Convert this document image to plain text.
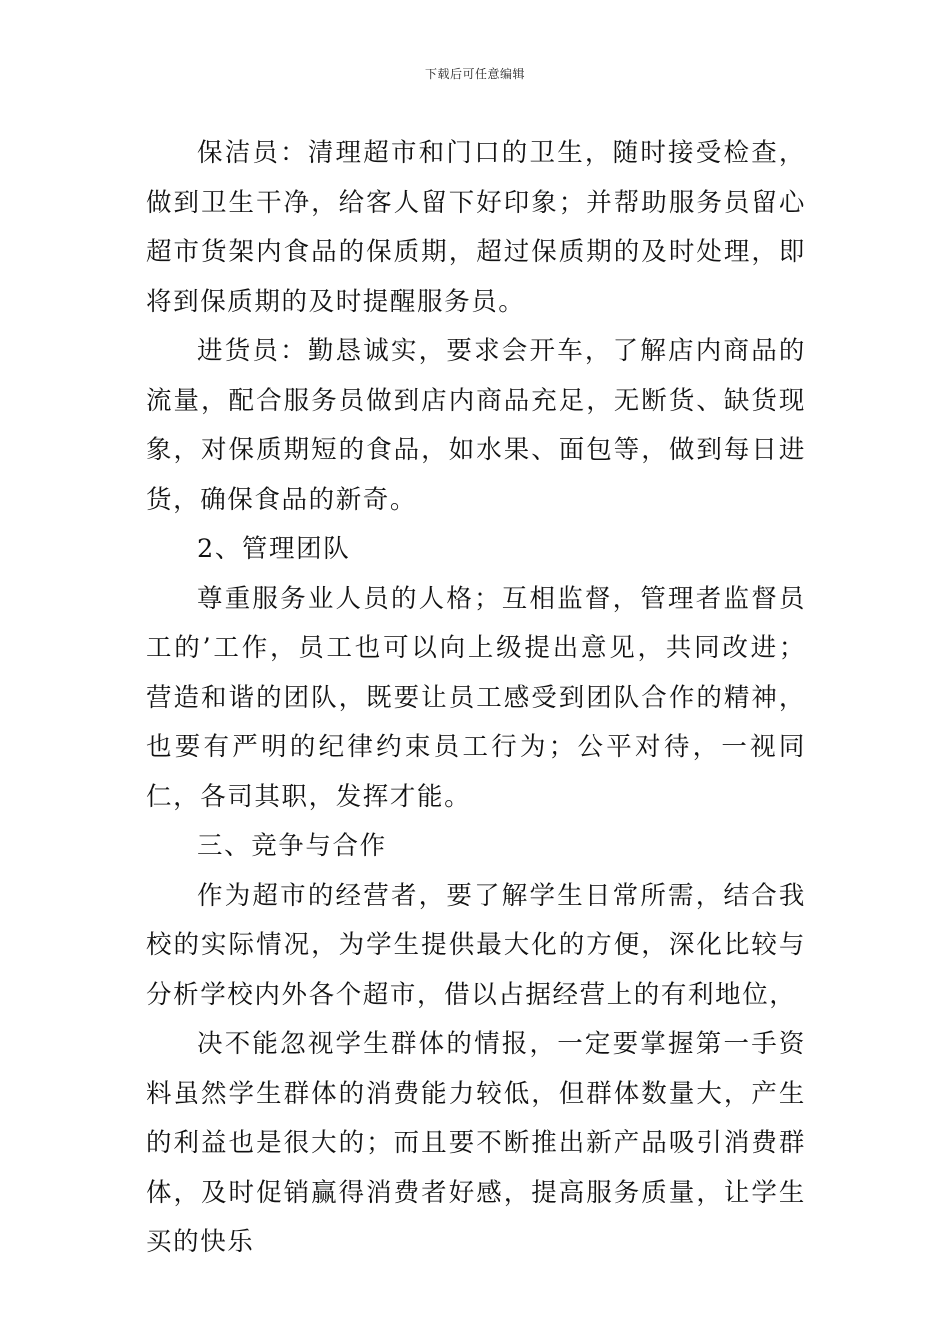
下载后可任意编辑

保洁员：清理超市和门口的卫生，随时接受检查，做到卫生干净，给客人留下好印象；并帮助服务员留心超市货架内食品的保质期，超过保质期的及时处理，即将到保质期的及时提醒服务员。

进货员：勤恳诚实，要求会开车，了解店内商品的流量，配合服务员做到店内商品充足，无断货、缺货现象，对保质期短的食品，如水果、面包等，做到每日进货，确保食品的新奇。

2、管理团队

尊重服务业人员的人格；互相监督，管理者监督员工的’工作，员工也可以向上级提出意见，共同改进；营造和谐的团队，既要让员工感受到团队合作的精神，也要有严明的纪律约束员工行为；公平对待，一视同仁，各司其职，发挥才能。

三、竞争与合作

作为超市的经营者，要了解学生日常所需，结合我校的实际情况，为学生提供最大化的方便，深化比较与分析学校内外各个超市，借以占据经营上的有利地位，

决不能忽视学生群体的情报，一定要掌握第一手资料虽然学生群体的消费能力较低，但群体数量大，产生的利益也是很大的；而且要不断推出新产品吸引消费群体，及时促销赢得消费者好感，提高服务质量，让学生买的快乐
